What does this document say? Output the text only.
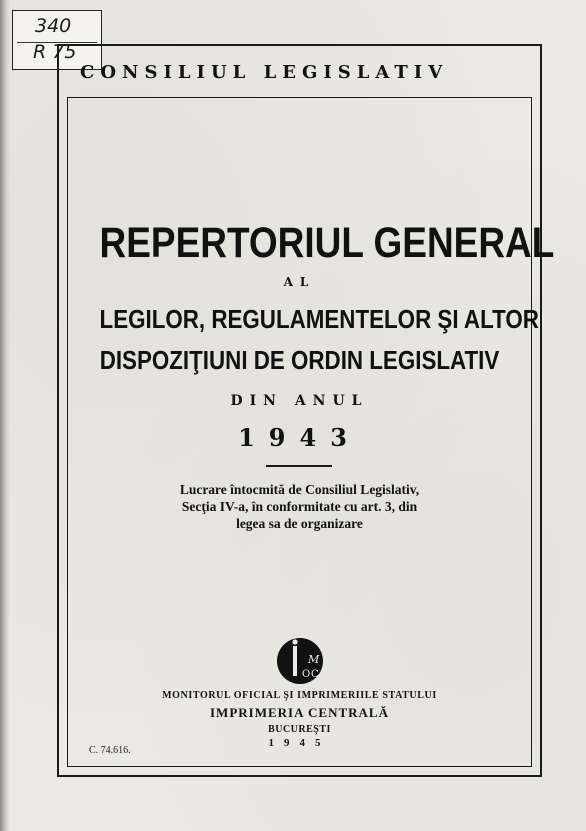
340
R 75
CONSILIUL LEGISLATIV
REPERTORIUL GENERAL
AL
LEGILOR, REGULAMENTELOR ŞI ALTOR
DISPOZIŢIUNI DE ORDIN LEGISLATIV
DIN ANUL
1943
Lucrare întocmită de Consiliul Legislativ,
Secţia IV-a, în conformitate cu art. 3, din
legea sa de organizare
M
O C
MONITORUL OFICIAL ŞI IMPRIMERIILE STATULUI
IMPRIMERIA CENTRALĂ
BUCUREŞTI
1945
C. 74.616.
